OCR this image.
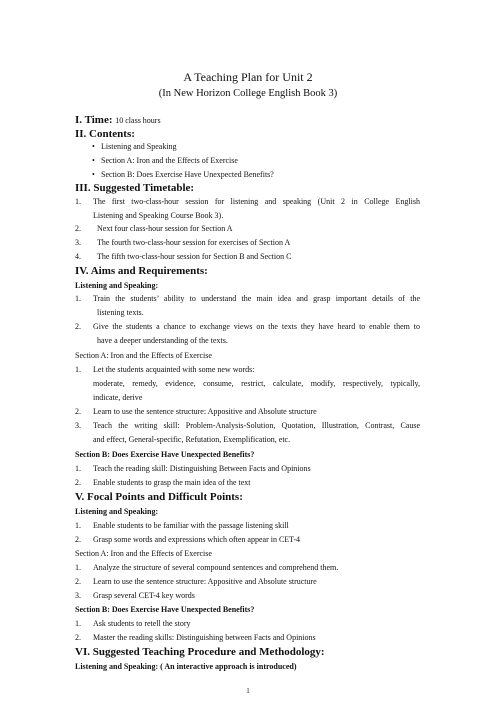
A Teaching Plan for Unit 2
(In New Horizon College English Book 3)
I. Time: 10 class hours
II. Contents:
• Listening and Speaking
• Section A: Iron and the Effects of Exercise
• Section B: Does Exercise Have Unexpected Benefits?
III. Suggested Timetable:
1. The first two-class-hour session for listening and speaking (Unit 2 in College English
Listening and Speaking Course Book 3).
2. Next four class-hour session for Section A
3. The fourth two-class-hour session for exercises of Section A
4. The fifth two-class-hour session for Section B and Section C
IV. Aims and Requirements:
Listening and Speaking:
1. Train the students’ ability to understand the main idea and grasp important details of the
listening texts.
2. Give the students a chance to exchange views on the texts they have heard to enable them to
have a deeper understanding of the texts.
Section A: Iron and the Effects of Exercise
1. Let the students acquainted with some new words:
moderate, remedy, evidence, consume, restrict, calculate, modify, respectively, typically,
indicate, derive
2. Learn to use the sentence structure: Appositive and Absolute structure
3. Teach the writing skill: Problem-Analysis-Solution, Quotation, Illustration, Contrast, Cause
and effect, General-specific, Refutation, Exemplification, etc.
Section B: Does Exercise Have Unexpected Benefits?
1. Teach the reading skill: Distinguishing Between Facts and Opinions
2. Enable students to grasp the main idea of the text
V. Focal Points and Difficult Points:
Listening and Speaking:
1. Enable students to be familiar with the passage listening skill
2. Grasp some words and expressions which often appear in CET-4
Section A: Iron and the Effects of Exercise
1. Analyze the structure of several compound sentences and comprehend them.
2. Learn to use the sentence structure: Appositive and Absolute structure
3. Grasp several CET-4 key words
Section B: Does Exercise Have Unexpected Benefits?
1. Ask students to retell the story
2. Master the reading skills: Distinguishing between Facts and Opinions
VI. Suggested Teaching Procedure and Methodology:
Listening and Speaking: ( An interactive approach is introduced)
1
